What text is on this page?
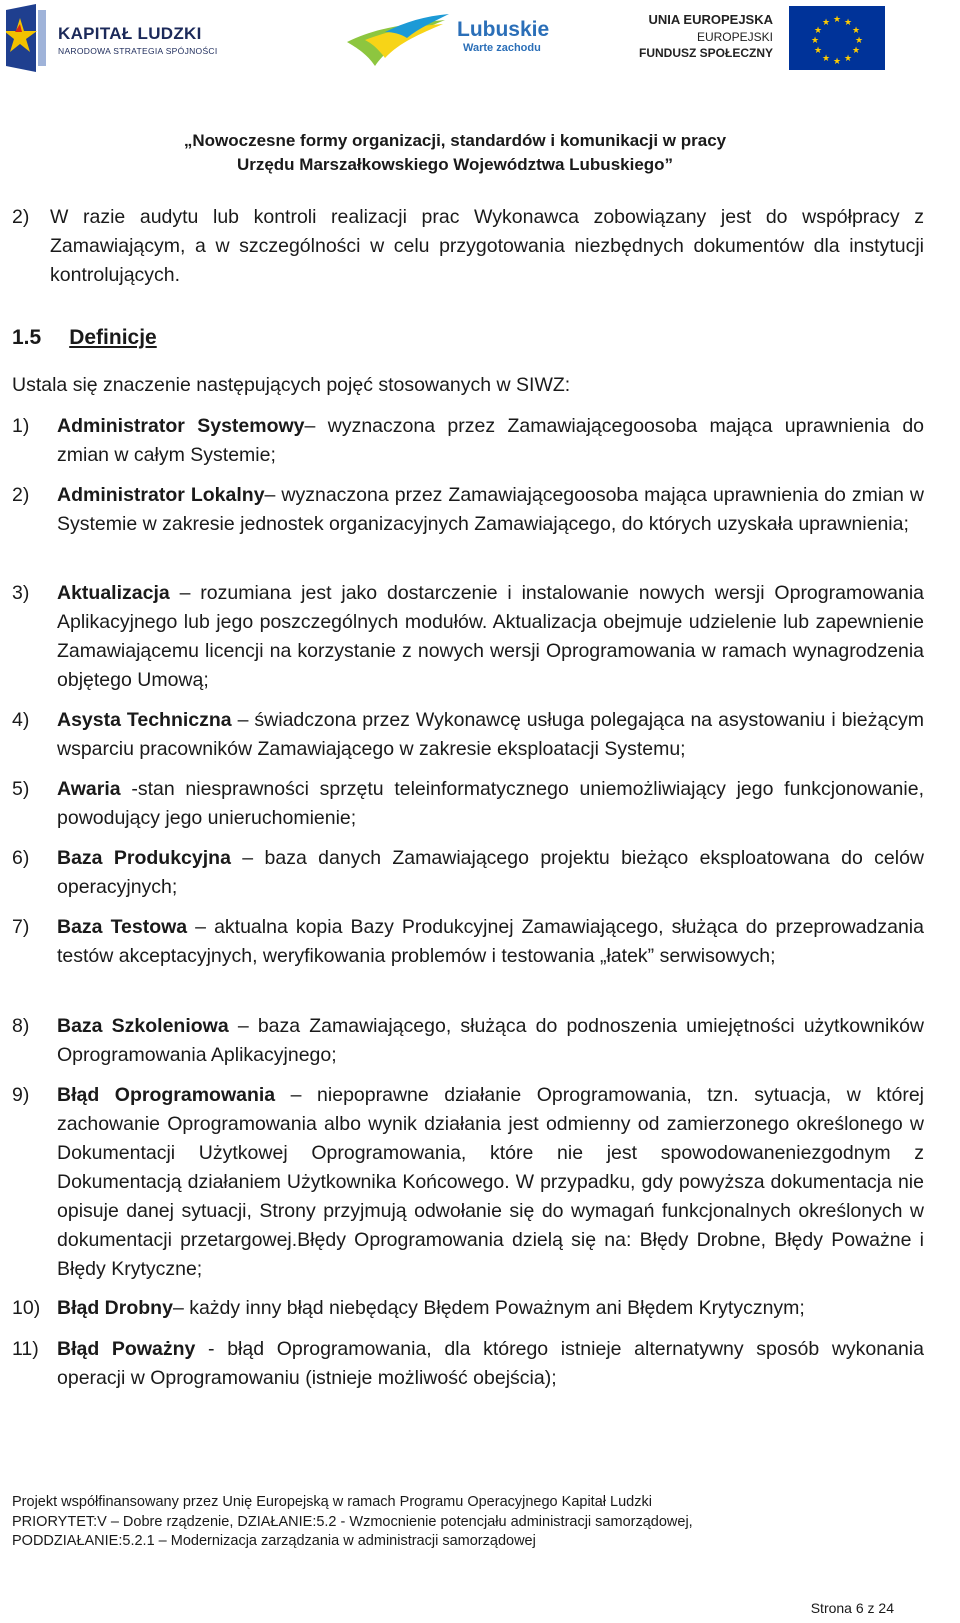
KAPITAŁ LUDZKI
NARODOWA STRATEGIA SPÓJNOŚCI
Lubuskie
Warte zachodu
UNIA EUROPEJSKA
EUROPEJSKI
FUNDUSZ SPOŁECZNY
★ ★
★
★
★
★
★
★
★
★
★
★
„Nowoczesne formy organizacji, standardów i komunikacji w pracy
Urzędu Marszałkowskiego Województwa Lubuskiego”
2) W razie audytu lub kontroli realizacji prac Wykonawca zobowiązany jest do współpracy z Zamawiającym, a w szczególności w celu przygotowania niezbędnych dokumentów dla instytucji kontrolujących.
1.5 Definicje
Ustala się znaczenie następujących pojęć stosowanych w SIWZ:
1) Administrator Systemowy– wyznaczona przez Zamawiającegoosoba mająca uprawnienia do zmian w całym Systemie;
2) Administrator Lokalny– wyznaczona przez Zamawiającegoosoba mająca uprawnienia do zmian w Systemie w zakresie jednostek organizacyjnych Zamawiającego, do których uzyskała uprawnienia;
3) Aktualizacja – rozumiana jest jako dostarczenie i instalowanie nowych wersji Oprogramowania Aplikacyjnego lub jego poszczególnych modułów. Aktualizacja obejmuje udzielenie lub zapewnienie Zamawiającemu licencji na korzystanie z nowych wersji Oprogramowania w ramach wynagrodzenia objętego Umową;
4) Asysta Techniczna – świadczona przez Wykonawcę usługa polegająca na asystowaniu i bieżącym wsparciu pracowników Zamawiającego w zakresie eksploatacji Systemu;
5) Awaria -stan niesprawności sprzętu teleinformatycznego uniemożliwiający jego funkcjonowanie, powodujący jego unieruchomienie;
6) Baza Produkcyjna – baza danych Zamawiającego projektu bieżąco eksploatowana do celów operacyjnych;
7) Baza Testowa – aktualna kopia Bazy Produkcyjnej Zamawiającego, służąca do przeprowadzania testów akceptacyjnych, weryfikowania problemów i testowania „łatek” serwisowych;
8) Baza Szkoleniowa – baza Zamawiającego, służąca do podnoszenia umiejętności użytkowników Oprogramowania Aplikacyjnego;
9) Błąd Oprogramowania – niepoprawne działanie Oprogramowania, tzn. sytuacja, w której zachowanie Oprogramowania albo wynik działania jest odmienny od zamierzonego określonego w Dokumentacji Użytkowej Oprogramowania, które nie jest spowodowaneniezgodnym z Dokumentacją działaniem Użytkownika Końcowego. W przypadku, gdy powyższa dokumentacja nie opisuje danej sytuacji, Strony przyjmują odwołanie się do wymagań funkcjonalnych określonych w dokumentacji przetargowej.Błędy Oprogramowania dzielą się na: Błędy Drobne, Błędy Poważne i Błędy Krytyczne;
10) Błąd Drobny– każdy inny błąd niebędący Błędem Poważnym ani Błędem Krytycznym;
11) Błąd Poważny - błąd Oprogramowania, dla którego istnieje alternatywny sposób wykonania operacji w Oprogramowaniu (istnieje możliwość obejścia);
Projekt współfinansowany przez Unię Europejską w ramach Programu Operacyjnego Kapitał Ludzki
PRIORYTET:V – Dobre rządzenie, DZIAŁANIE:5.2 - Wzmocnienie potencjału administracji samorządowej,
PODDZIAŁANIE:5.2.1 – Modernizacja zarządzania w administracji samorządowej
Strona 6 z 24
